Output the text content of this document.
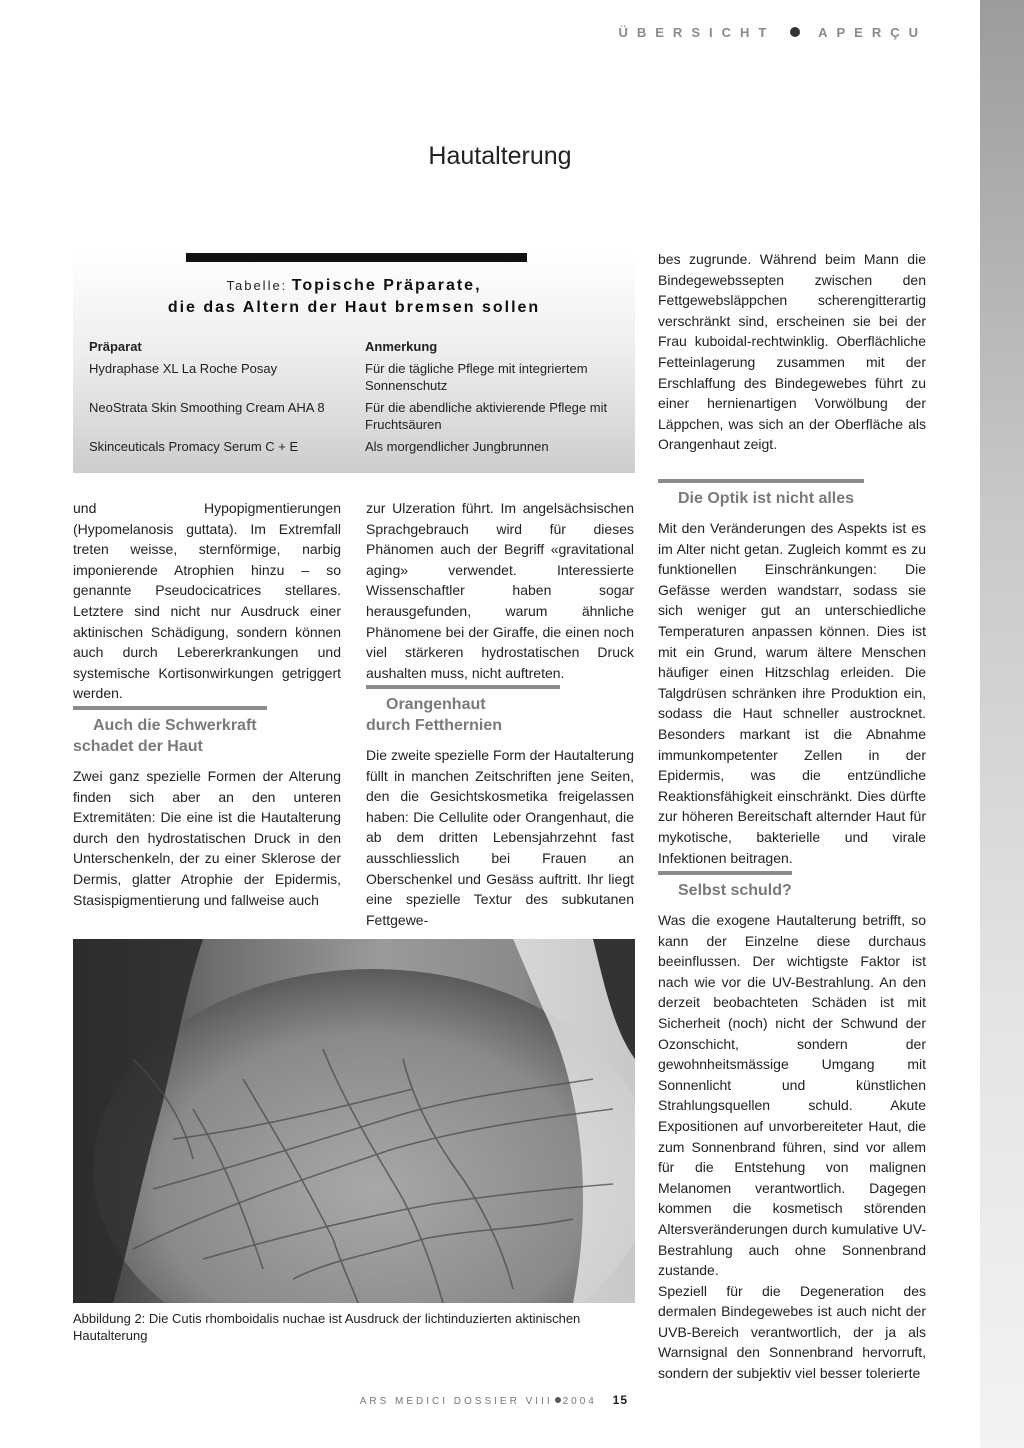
ÜBERSICHT	APERÇU
Hautalterung
Tabelle: Topische Präparate,
die das Altern der Haut bremsen sollen
Präparat	Anmerkung
Hydraphase XL La Roche Posay	Für die tägliche Pflege mit integriertem Sonnenschutz
NeoStrata Skin Smoothing Cream AHA 8	Für die abendliche aktivierende Pflege mit Fruchtsäuren
Skinceuticals Promacy Serum C + E	Als morgendlicher Jungbrunnen

und Hypopigmentierungen (Hypomelanosis guttata). Im Extremfall treten weisse, sternförmige, narbig imponierende Atrophien hinzu – so genannte Pseudocicatrices stellares. Letztere sind nicht nur Ausdruck einer aktinischen Schädigung, sondern können auch durch Lebererkrankungen und systemische Kortisonwirkungen getriggert werden.

Auch die Schwerkraft
schadet der Haut

Zwei ganz spezielle Formen der Alterung finden sich aber an den unteren Extremitäten: Die eine ist die Hautalterung durch den hydrostatischen Druck in den Unterschenkeln, der zu einer Sklerose der Dermis, glatter Atrophie der Epidermis, Stasispigmentierung und fallweise auch

zur Ulzeration führt. Im angelsächsischen Sprachgebrauch wird für dieses Phänomen auch der Begriff «gravitational aging» verwendet. Interessierte Wissenschaftler haben sogar herausgefunden, warum ähnliche Phänomene bei der Giraffe, die einen noch viel stärkeren hydrostatischen Druck aushalten muss, nicht auftreten.

Orangenhaut
durch Fetthernien

Die zweite spezielle Form der Hautalterung füllt in manchen Zeitschriften jene Seiten, den die Gesichtskosmetika freigelassen haben: Die Cellulite oder Orangenhaut, die ab dem dritten Lebensjahrzehnt fast ausschliesslich bei Frauen an Oberschenkel und Gesäss auftritt. Ihr liegt eine spezielle Textur des subkutanen Fettgewe-

bes zugrunde. Während beim Mann die Bindegewebssepten zwischen den Fettgewebsläppchen scherengitterartig verschränkt sind, erscheinen sie bei der Frau kuboidal-rechtwinklig. Oberflächliche Fetteinlagerung zusammen mit der Erschlaffung des Bindegewebes führt zu einer hernienartigen Vorwölbung der Läppchen, was sich an der Oberfläche als Orangenhaut zeigt.

Die Optik ist nicht alles

Mit den Veränderungen des Aspekts ist es im Alter nicht getan. Zugleich kommt es zu funktionellen Einschränkungen: Die Gefässe werden wandstarr, sodass sie sich weniger gut an unterschiedliche Temperaturen anpassen können. Dies ist mit ein Grund, warum ältere Menschen häufiger einen Hitzschlag erleiden. Die Talgdrüsen schränken ihre Produktion ein, sodass die Haut schneller austrocknet. Besonders markant ist die Abnahme immunkompetenter Zellen in der Epidermis, was die entzündliche Reaktionsfähigkeit einschränkt. Dies dürfte zur höheren Bereitschaft alternder Haut für mykotische, bakterielle und virale Infektionen beitragen.

Selbst schuld?

Was die exogene Hautalterung betrifft, so kann der Einzelne diese durchaus beeinflussen. Der wichtigste Faktor ist nach wie vor die UV-Bestrahlung. An den derzeit beobachteten Schäden ist mit Sicherheit (noch) nicht der Schwund der Ozonschicht, sondern der gewohnheitsmässige Umgang mit Sonnenlicht und künstlichen Strahlungsquellen schuld. Akute Expositionen auf unvorbereiteter Haut, die zum Sonnenbrand führen, sind vor allem für die Entstehung von malignen Melanomen verantwortlich. Dagegen kommen die kosmetisch störenden Altersveränderungen durch kumulative UV-Bestrahlung auch ohne Sonnenbrand zustande.

Speziell für die Degeneration des dermalen Bindegewebes ist auch nicht der UVB-Bereich verantwortlich, der ja als Warnsignal den Sonnenbrand hervorruft, sondern der subjektiv viel besser tolerierte

Abbildung 2: Die Cutis rhomboidalis nuchae ist Ausdruck der lichtinduzierten aktinischen Hautalterung
ARS MEDICI DOSSIER VIII 2004 15
